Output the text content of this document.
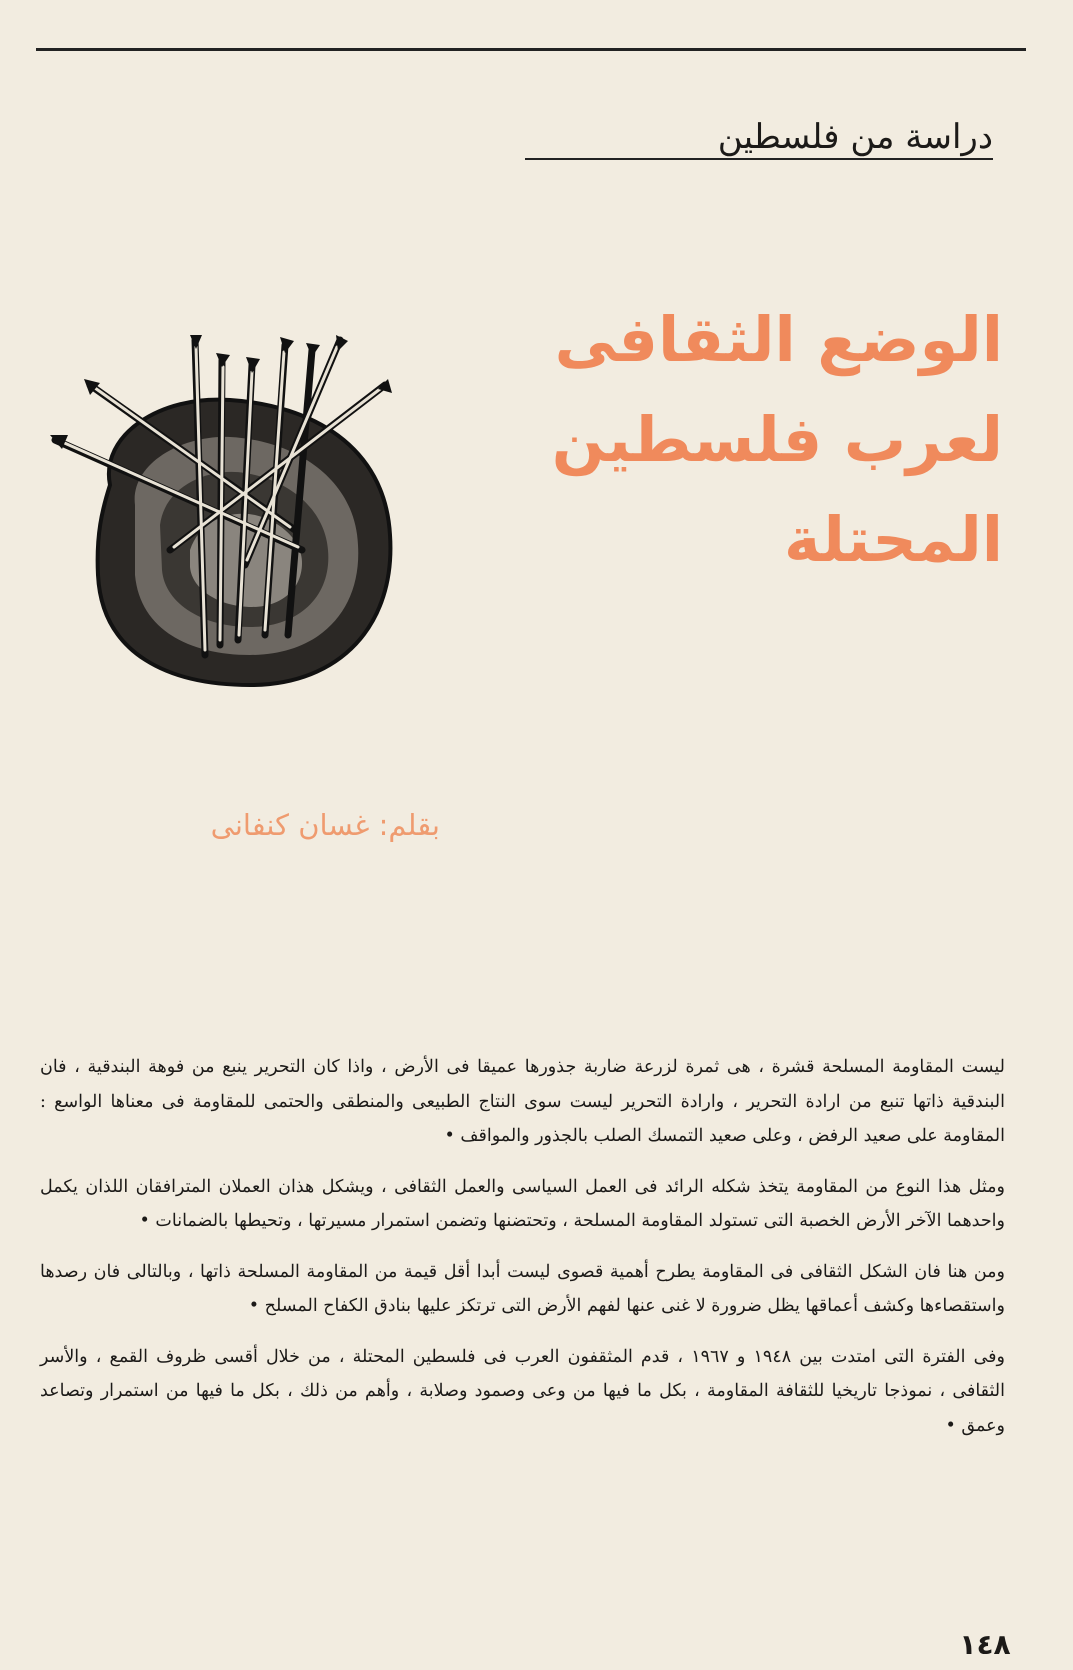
دراسة من فلسطين
الوضع الثقافى
لعرب فلسطين
المحتلة
بقلم: غسان كنفانى

ليست المقاومة المسلحة قشرة ، هى ثمرة لزرعة ضاربة جذورها عميقا فى الأرض ، واذا كان التحرير ينبع من فوهة البندقية ، فان البندقية ذاتها تنبع من ارادة التحرير ، وارادة التحرير ليست سوى النتاج الطبيعى والمنطقى والحتمى للمقاومة فى معناها الواسع : المقاومة على صعيد الرفض ، وعلى صعيد التمسك الصلب بالجذور والمواقف •

ومثل هذا النوع من المقاومة يتخذ شكله الرائد فى العمل السياسى والعمل الثقافى ، ويشكل هذان العملان المترافقان اللذان يكمل واحدهما الآخر الأرض الخصبة التى تستولد المقاومة المسلحة ، وتحتضنها وتضمن استمرار مسيرتها ، وتحيطها بالضمانات •

ومن هنا فان الشكل الثقافى فى المقاومة يطرح أهمية قصوى ليست أبدا أقل قيمة من المقاومة المسلحة ذاتها ، وبالتالى فان رصدها واستقصاءها وكشف أعماقها يظل ضرورة لا غنى عنها لفهم الأرض التى ترتكز عليها بنادق الكفاح المسلح •

وفى الفترة التى امتدت بين ١٩٤٨ و ١٩٦٧ ، قدم المثقفون العرب فى فلسطين المحتلة ، من خلال أقسى ظروف القمع ، والأسر الثقافى ، نموذجا تاريخيا للثقافة المقاومة ، بكل ما فيها من وعى وصمود وصلابة ، وأهم من ذلك ، بكل ما فيها من استمرار وتصاعد وعمق •

١٤٨
